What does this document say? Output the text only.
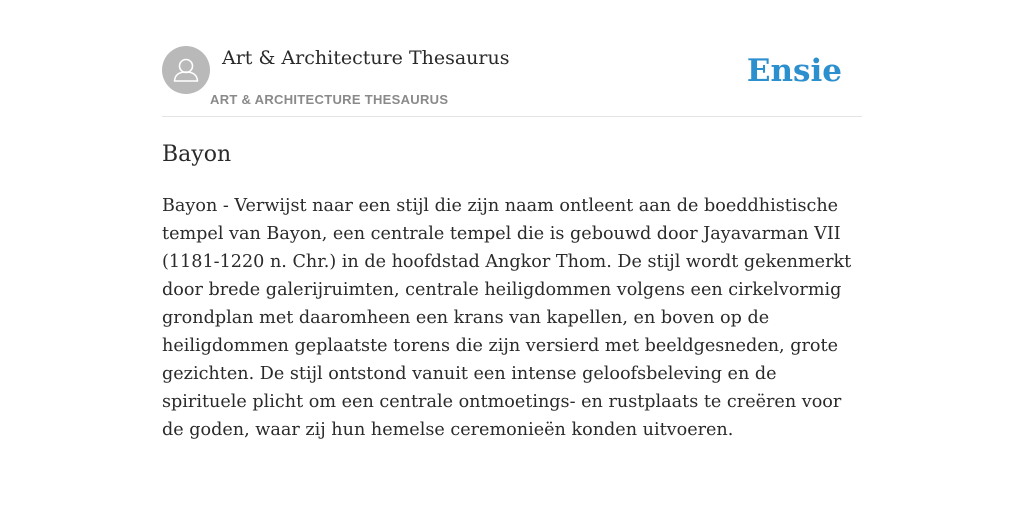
Art & Architecture Thesaurus
ART & ARCHITECTURE THESAURUS
Ensie
Bayon

Bayon - Verwijst naar een stijl die zijn naam ontleent aan de boeddhistische tempel van Bayon, een centrale tempel die is gebouwd door Jayavarman VII (1181-1220 n. Chr.) in de hoofdstad Angkor Thom. De stijl wordt gekenmerkt door brede galerijruimten, centrale heiligdommen volgens een cirkelvormig grondplan met daaromheen een krans van kapellen, en boven op de heiligdommen geplaatste torens die zijn versierd met beeldgesneden, grote gezichten. De stijl ontstond vanuit een intense geloofsbeleving en de spirituele plicht om een centrale ontmoetings- en rustplaats te creëren voor de goden, waar zij hun hemelse ceremonieën konden uitvoeren.
